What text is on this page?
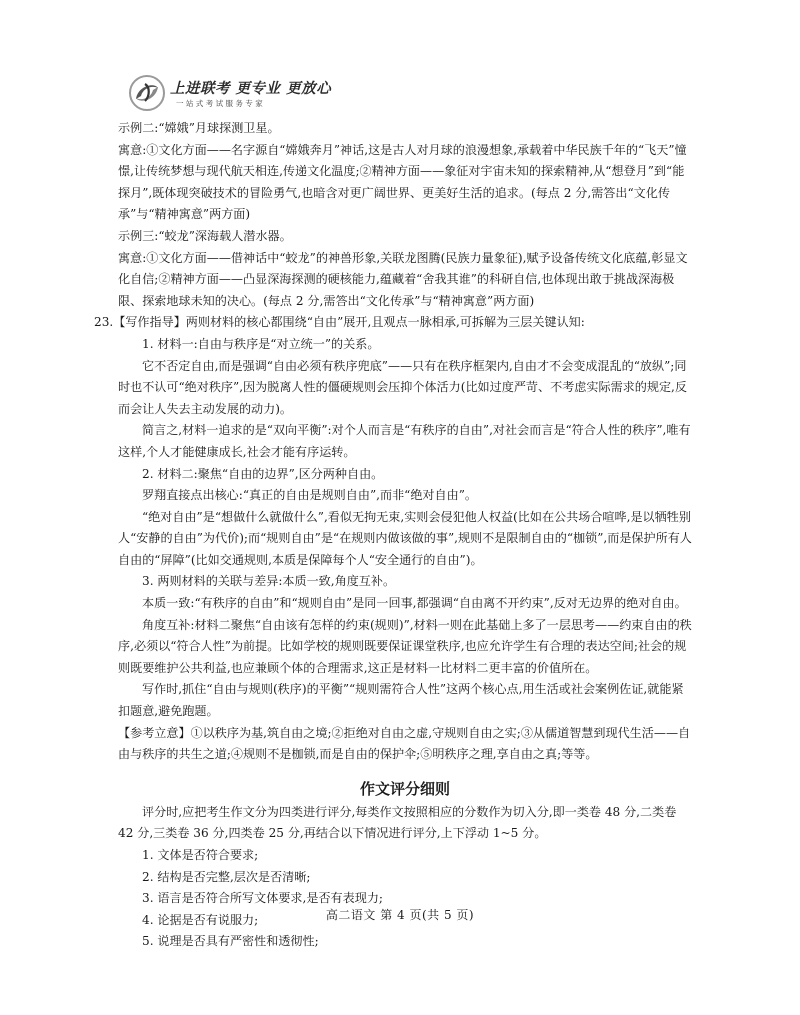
上进联考 更专业 更放心
一站式考试服务专家

示例二:“嫦娥”月球探测卫星。

寓意:①文化方面——名字源自“嫦娥奔月”神话,这是古人对月球的浪漫想象,承载着中华民族千年的“飞天”憧憬,让传统梦想与现代航天相连,传递文化温度;②精神方面——象征对宇宙未知的探索精神,从“想登月”到“能探月”,既体现突破技术的冒险勇气,也暗含对更广阔世界、更美好生活的追求。(每点 2 分,需答出“文化传承”与“精神寓意”两方面)

示例三:“蛟龙”深海载人潜水器。

寓意:①文化方面——借神话中“蛟龙”的神兽形象,关联龙图腾(民族力量象征),赋予设备传统文化底蕴,彰显文化自信;②精神方面——凸显深海探测的硬核能力,蕴藏着“舍我其谁”的科研自信,也体现出敢于挑战深海极限、探索地球未知的决心。(每点 2 分,需答出“文化传承”与“精神寓意”两方面)

23.【写作指导】两则材料的核心都围绕“自由”展开,且观点一脉相承,可拆解为三层关键认知:

1. 材料一:自由与秩序是“对立统一”的关系。

它不否定自由,而是强调“自由必须有秩序兜底”——只有在秩序框架内,自由才不会变成混乱的“放纵”;同时也不认可“绝对秩序”,因为脱离人性的僵硬规则会压抑个体活力(比如过度严苛、不考虑实际需求的规定,反而会让人失去主动发展的动力)。

简言之,材料一追求的是“双向平衡”:对个人而言是“有秩序的自由”,对社会而言是“符合人性的秩序”,唯有这样,个人才能健康成长,社会才能有序运转。

2. 材料二:聚焦“自由的边界”,区分两种自由。

罗翔直接点出核心:“真正的自由是规则自由”,而非“绝对自由”。

“绝对自由”是“想做什么就做什么”,看似无拘无束,实则会侵犯他人权益(比如在公共场合喧哗,是以牺牲别人“安静的自由”为代价);而“规则自由”是“在规则内做该做的事”,规则不是限制自由的“枷锁”,而是保护所有人自由的“屏障”(比如交通规则,本质是保障每个人“安全通行的自由”)。

3. 两则材料的关联与差异:本质一致,角度互补。

本质一致:“有秩序的自由”和“规则自由”是同一回事,都强调“自由离不开约束”,反对无边界的绝对自由。

角度互补:材料二聚焦“自由该有怎样的约束(规则)”,材料一则在此基础上多了一层思考——约束自由的秩序,必须以“符合人性”为前提。比如学校的规则既要保证课堂秩序,也应允许学生有合理的表达空间;社会的规则既要维护公共利益,也应兼顾个体的合理需求,这正是材料一比材料二更丰富的价值所在。

写作时,抓住“自由与规则(秩序)的平衡”“规则需符合人性”这两个核心点,用生活或社会案例佐证,就能紧扣题意,避免跑题。

【参考立意】①以秩序为基,筑自由之境;②拒绝对自由之虚,守规则自由之实;③从儒道智慧到现代生活——自由与秩序的共生之道;④规则不是枷锁,而是自由的保护伞;⑤明秩序之理,享自由之真;等等。

作文评分细则

评分时,应把考生作文分为四类进行评分,每类作文按照相应的分数作为切入分,即一类卷 48 分,二类卷 42 分,三类卷 36 分,四类卷 25 分,再结合以下情况进行评分,上下浮动 1~5 分。

1. 文体是否符合要求;

2. 结构是否完整,层次是否清晰;

3. 语言是否符合所写文体要求,是否有表现力;

4. 论据是否有说服力;

5. 说理是否具有严密性和透彻性;

高二语文 第 4 页(共 5 页)
